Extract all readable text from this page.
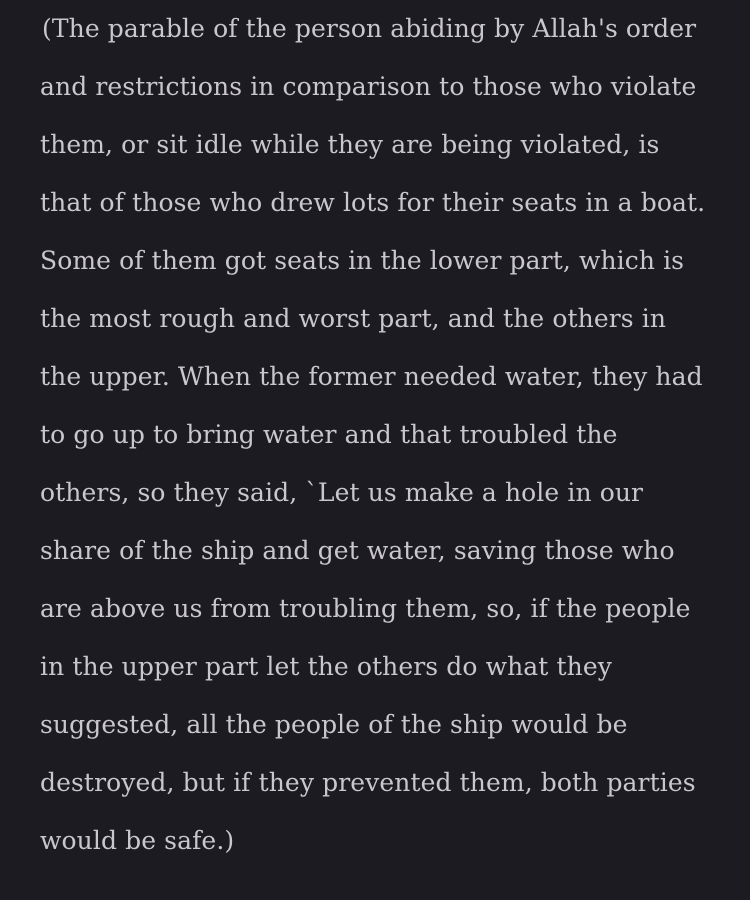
(The parable of the person abiding by Allah's order
and restrictions in comparison to those who violate
them, or sit idle while they are being violated, is
that of those who drew lots for their seats in a boat.
Some of them got seats in the lower part, which is
the most rough and worst part, and the others in
the upper. When the former needed water, they had
to go up to bring water and that troubled the
others, so they said, `Let us make a hole in our
share of the ship and get water, saving those who
are above us from troubling them, so, if the people
in the upper part let the others do what they
suggested, all the people of the ship would be
destroyed, but if they prevented them, both parties
would be safe.)
